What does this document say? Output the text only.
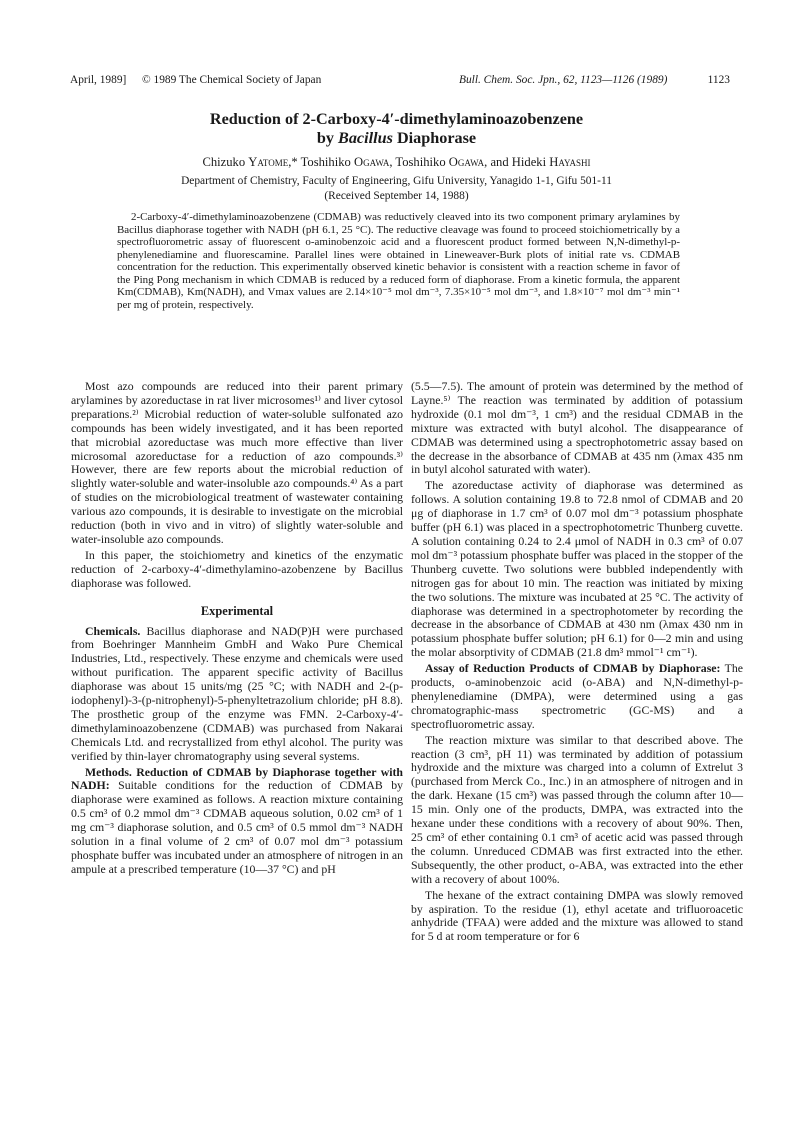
April, 1989] © 1989 The Chemical Society of Japan	Bull. Chem. Soc. Jpn., 62, 1123—1126 (1989)	1123
Reduction of 2-Carboxy-4′-dimethylaminoazobenzene
by Bacillus Diaphorase
Chizuko Yatome,* Toshihiko Ogawa, Toshihiko Ogawa, and Hideki Hayashi
Department of Chemistry, Faculty of Engineering, Gifu University, Yanagido 1-1, Gifu 501-11
(Received September 14, 1988)

2-Carboxy-4′-dimethylaminoazobenzene (CDMAB) was reductively cleaved into its two component primary arylamines by Bacillus diaphorase together with NADH (pH 6.1, 25 °C). The reductive cleavage was found to proceed stoichiometrically by a spectrofluorometric assay of fluorescent o-aminobenzoic acid and a fluorescent product formed between N,N-dimethyl-p-phenylenediamine and fluorescamine. Parallel lines were obtained in Lineweaver-Burk plots of initial rate vs. CDMAB concentration for the reduction. This experimentally observed kinetic behavior is consistent with a reaction scheme in favor of the Ping Pong mechanism in which CDMAB is reduced by a reduced form of diaphorase. From a kinetic formula, the apparent Km(CDMAB), Km(NADH), and Vmax values are 2.14×10⁻⁵ mol dm⁻³, 7.35×10⁻⁵ mol dm⁻³, and 1.8×10⁻⁷ mol dm⁻³ min⁻¹ per mg of protein, respectively.

Most azo compounds are reduced into their parent primary arylamines by azoreductase in rat liver microsomes¹⁾ and liver cytosol preparations.²⁾ Microbial reduction of water-soluble sulfonated azo compounds has been widely investigated, and it has been reported that microbial azoreductase was much more effective than liver microsomal azoreductase for a reduction of azo compounds.³⁾ However, there are few reports about the microbial reduction of slightly water-soluble and water-insoluble azo compounds.⁴⁾ As a part of studies on the microbiological treatment of wastewater containing various azo compounds, it is desirable to investigate on the microbial reduction (both in vivo and in vitro) of slightly water-soluble and water-insoluble azo compounds.

In this paper, the stoichiometry and kinetics of the enzymatic reduction of 2-carboxy-4′-dimethylamino-azobenzene by Bacillus diaphorase was followed.

Experimental

Chemicals. Bacillus diaphorase and NAD(P)H were purchased from Boehringer Mannheim GmbH and Wako Pure Chemical Industries, Ltd., respectively. These enzyme and chemicals were used without purification. The apparent specific activity of Bacillus diaphorase was about 15 units/mg (25 °C; with NADH and 2-(p-iodophenyl)-3-(p-nitrophenyl)-5-phenyltetrazolium chloride; pH 8.8). The prosthetic group of the enzyme was FMN. 2-Carboxy-4′-dimethylaminoazobenzene (CDMAB) was purchased from Nakarai Chemicals Ltd. and recrystallized from ethyl alcohol. The purity was verified by thin-layer chromatography using several systems.

Methods. Reduction of CDMAB by Diaphorase together with NADH: Suitable conditions for the reduction of CDMAB by diaphorase were examined as follows. A reaction mixture containing 0.5 cm³ of 0.2 mmol dm⁻³ CDMAB aqueous solution, 0.02 cm³ of 1 mg cm⁻³ diaphorase solution, and 0.5 cm³ of 0.5 mmol dm⁻³ NADH solution in a final volume of 2 cm³ of 0.07 mol dm⁻³ potassium phosphate buffer was incubated under an atmosphere of nitrogen in an ampule at a prescribed temperature (10—37 °C) and pH

(5.5—7.5). The amount of protein was determined by the method of Layne.⁵⁾ The reaction was terminated by addition of potassium hydroxide (0.1 mol dm⁻³, 1 cm³) and the residual CDMAB in the mixture was extracted with butyl alcohol. The disappearance of CDMAB was determined using a spectrophotometric assay based on the decrease in the absorbance of CDMAB at 435 nm (λmax 435 nm in butyl alcohol saturated with water).

The azoreductase activity of diaphorase was determined as follows. A solution containing 19.8 to 72.8 nmol of CDMAB and 20 μg of diaphorase in 1.7 cm³ of 0.07 mol dm⁻³ potassium phosphate buffer (pH 6.1) was placed in a spectrophotometric Thunberg cuvette. A solution containing 0.24 to 2.4 μmol of NADH in 0.3 cm³ of 0.07 mol dm⁻³ potassium phosphate buffer was placed in the stopper of the Thunberg cuvette. Two solutions were bubbled independently with nitrogen gas for about 10 min. The reaction was initiated by mixing the two solutions. The mixture was incubated at 25 °C. The activity of diaphorase was determined in a spectrophotometer by recording the decrease in the absorbance of CDMAB at 430 nm (λmax 430 nm in potassium phosphate buffer solution; pH 6.1) for 0—2 min and using the molar absorptivity of CDMAB (21.8 dm³ mmol⁻¹ cm⁻¹).

Assay of Reduction Products of CDMAB by Diaphorase: The products, o-aminobenzoic acid (o-ABA) and N,N-dimethyl-p-phenylenediamine (DMPA), were determined using a gas chromatographic-mass spectrometric (GC-MS) and a spectrofluorometric assay.

The reaction mixture was similar to that described above. The reaction (3 cm³, pH 11) was terminated by addition of potassium hydroxide and the mixture was charged into a column of Extrelut 3 (purchased from Merck Co., Inc.) in an atmosphere of nitrogen and in the dark. Hexane (15 cm³) was passed through the column after 10—15 min. Only one of the products, DMPA, was extracted into the hexane under these conditions with a recovery of about 90%. Then, 25 cm³ of ether containing 0.1 cm³ of acetic acid was passed through the column. Unreduced CDMAB was first extracted into the ether. Subsequently, the other product, o-ABA, was extracted into the ether with a recovery of about 100%.

The hexane of the extract containing DMPA was slowly removed by aspiration. To the residue (1), ethyl acetate and trifluoroacetic anhydride (TFAA) were added and the mixture was allowed to stand for 5 d at room temperature or for 6
